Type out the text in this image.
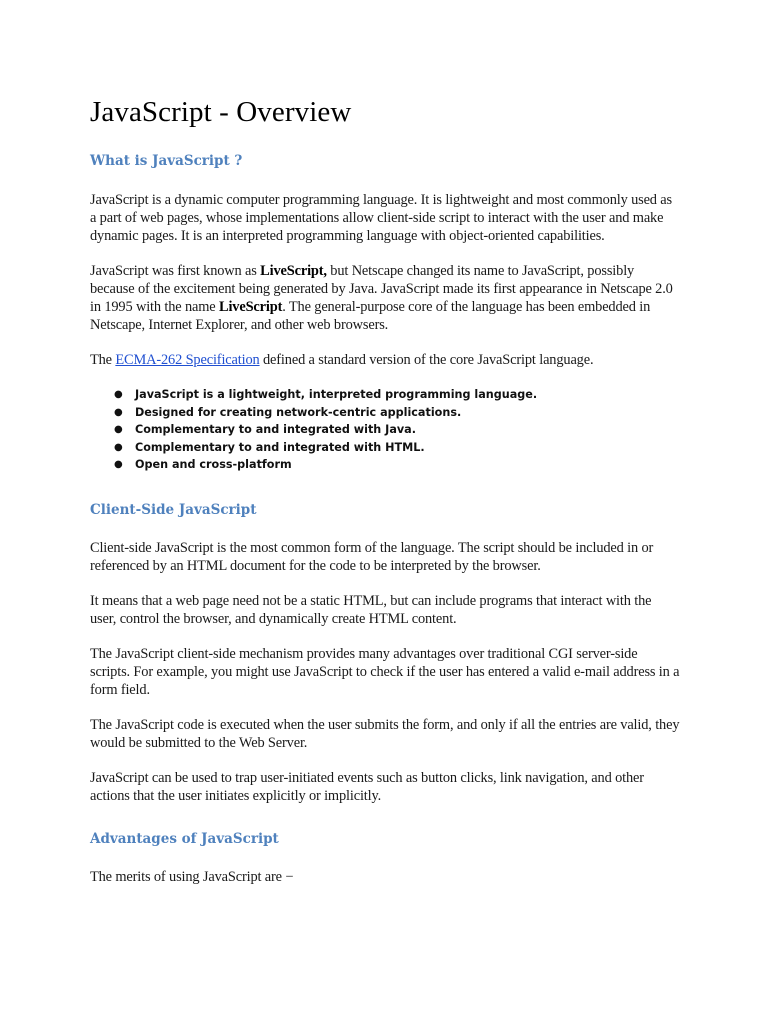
JavaScript - Overview
What is JavaScript ?

JavaScript is a dynamic computer programming language. It is lightweight and most commonly used as a part of web pages, whose implementations allow client-side script to interact with the user and make dynamic pages. It is an interpreted programming language with object-oriented capabilities.

JavaScript was first known as LiveScript, but Netscape changed its name to JavaScript, possibly because of the excitement being generated by Java. JavaScript made its first appearance in Netscape 2.0 in 1995 with the name LiveScript. The general-purpose core of the language has been embedded in Netscape, Internet Explorer, and other web browsers.

The ECMA-262 Specification defined a standard version of the core JavaScript language.

● JavaScript is a lightweight, interpreted programming language.
● Designed for creating network-centric applications.
● Complementary to and integrated with Java.
● Complementary to and integrated with HTML.
● Open and cross-platform
Client-Side JavaScript

Client-side JavaScript is the most common form of the language. The script should be included in or referenced by an HTML document for the code to be interpreted by the browser.

It means that a web page need not be a static HTML, but can include programs that interact with the user, control the browser, and dynamically create HTML content.

The JavaScript client-side mechanism provides many advantages over traditional CGI server-side scripts. For example, you might use JavaScript to check if the user has entered a valid e-mail address in a form field.

The JavaScript code is executed when the user submits the form, and only if all the entries are valid, they would be submitted to the Web Server.

JavaScript can be used to trap user-initiated events such as button clicks, link navigation, and other actions that the user initiates explicitly or implicitly.

Advantages of JavaScript

The merits of using JavaScript are −
